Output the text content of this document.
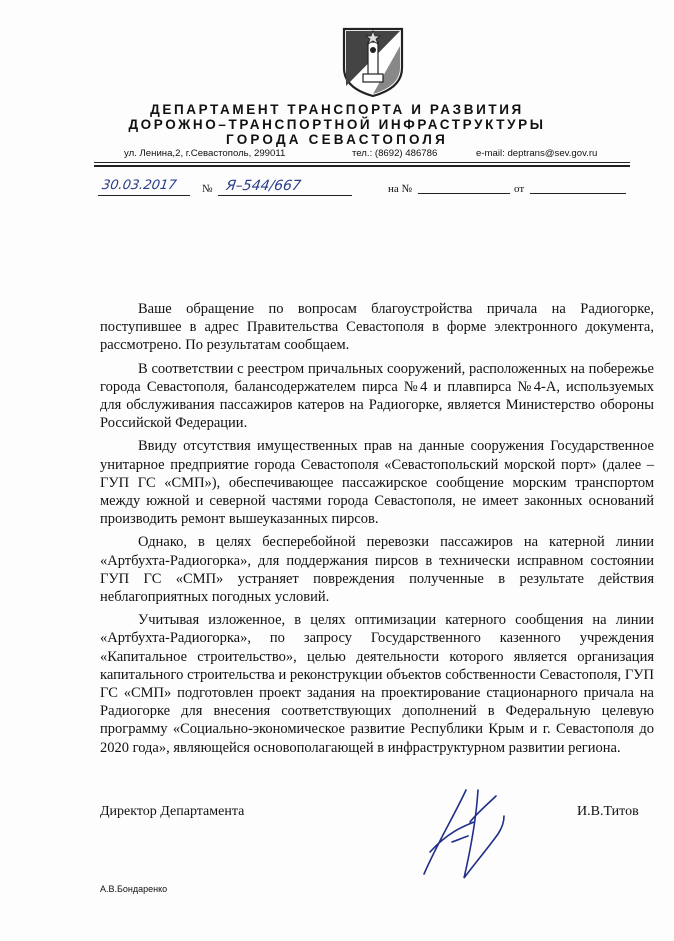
ДЕПАРТАМЕНТ ТРАНСПОРТА И РАЗВИТИЯ
ДОРОЖНО–ТРАНСПОРТНОЙ ИНФРАСТРУКТУРЫ
ГОРОДА СЕВАСТОПОЛЯ
ул. Ленина,2, г.Севастополь, 299011	тел.: (8692) 486786	e-mail: deptrans@sev.gov.ru
30.03.2017 № Я–544/667	на №	от

Ваше обращение по вопросам благоустройства причала на Радиогорке, поступившее в адрес Правительства Севастополя в форме электронного документа, рассмотрено. По результатам сообщаем.

В соответствии с реестром причальных сооружений, расположенных на побережье города Севастополя, балансодержателем пирса №4 и плавпирса №4-А, используемых для обслуживания пассажиров катеров на Радиогорке, является Министерство обороны Российской Федерации.

Ввиду отсутствия имущественных прав на данные сооружения Государственное унитарное предприятие города Севастополя «Севастопольский морской порт» (далее – ГУП ГС «СМП»), обеспечивающее пассажирское сообщение морским транспортом между южной и северной частями города Севастополя, не имеет законных оснований производить ремонт вышеуказанных пирсов.

Однако, в целях бесперебойной перевозки пассажиров на катерной линии «Артбухта-Радиогорка», для поддержания пирсов в технически исправном состоянии ГУП ГС «СМП» устраняет повреждения полученные в результате действия неблагоприятных погодных условий.

Учитывая изложенное, в целях оптимизации катерного сообщения на линии «Артбухта-Радиогорка», по запросу Государственного казенного учреждения «Капитальное строительство», целью деятельности которого является организация капитального строительства и реконструкции объектов собственности Севастополя, ГУП ГС «СМП» подготовлен проект задания на проектирование стационарного причала на Радиогорке для внесения соответствующих дополнений в Федеральную целевую программу «Социально-экономическое развитие Республики Крым и г. Севастополя до 2020 года», являющейся основополагающей в инфраструктурном развитии региона.

Директор Департамента	И.В.Титов
А.В.Бондаренко
